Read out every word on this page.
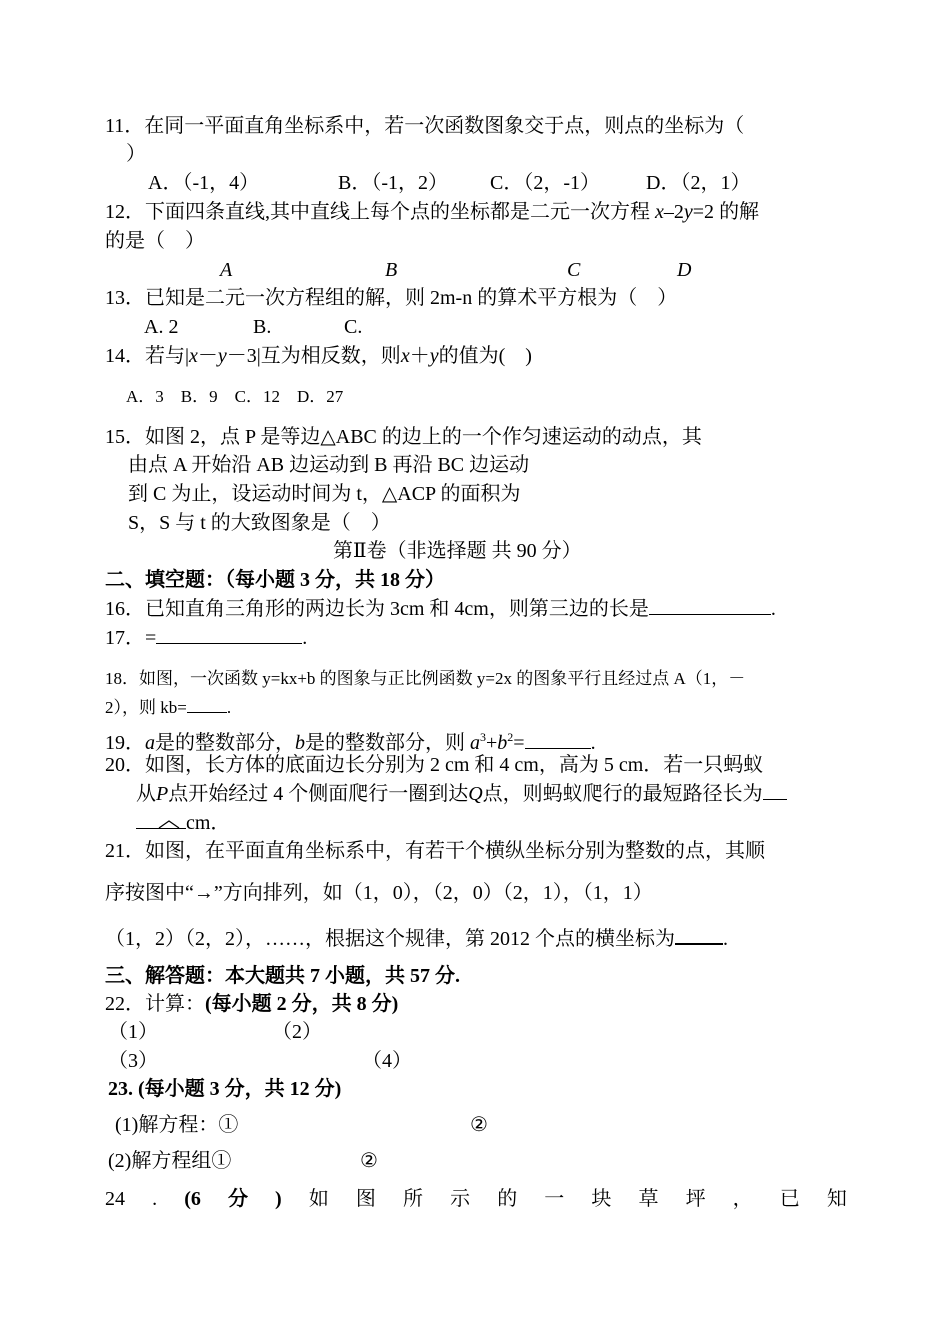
11．在同一平面直角坐标系中，若一次函数图象交于点，则点的坐标为（
）
A．（-1，4）	B．（-1，2） C．（2，-1） D．（2，1）
12．下面四条直线,其中直线上每个点的坐标都是二元一次方程 x–2y=2 的解
的是（　）
A	B	C	D
13．已知是二元一次方程组的解，则 2m-n 的算术平方根为（　）
A. 2	B.	C.
14．若与|x－y－3|互为相反数，则x＋y的值为(　)
A．3　B．9　C．12　D．27
15．如图 2，点 P 是等边△ABC 的边上的一个作匀速运动的动点，其
由点 A 开始沿 AB 边运动到 B 再沿 BC 边运动
到 C 为止，设运动时间为 t，△ACP 的面积为
S，S 与 t 的大致图象是（　）
第Ⅱ卷（非选择题 共 90 分）
二、填空题：（每小题 3 分，共 18 分）
16．已知直角三角形的两边长为 3cm 和 4cm，则第三边的长是	.
17．=	.
18．如图，一次函数 y=kx+b 的图象与正比例函数 y=2x 的图象平行且经过点 A（1，－
2），则 kb= .
19．a是的整数部分，b是的整数部分，则 $a^3+b^2=$	.
20．如图，长方体的底面边长分别为 2 cm 和 4 cm，高为 5 cm．若一只蚂蚁
从P点开始经过 4 个侧面爬行一圈到达Q点，则蚂蚁爬行的最短路径长为
cm．
21．如图，在平面直角坐标系中，有若干个横纵坐标分别为整数的点，其顺
序按图中“→”方向排列，如（1，0），（2，0）（2，1），（1，1）
（1，2）（2，2），……，根据这个规律，第 2012 个点的横坐标为 .
三、解答题：本大题共 7 小题，共 57 分.
22．计算：(每小题 2 分，共 8 分)
（1）	（2）
（3）	（4）
23. (每小题 3 分，共 12 分)
(1)解方程：①	②
(2)解方程组①	②
24 . (6 分 ) 如 图 所 示 的 一 块 草 坪 ， 已 知
